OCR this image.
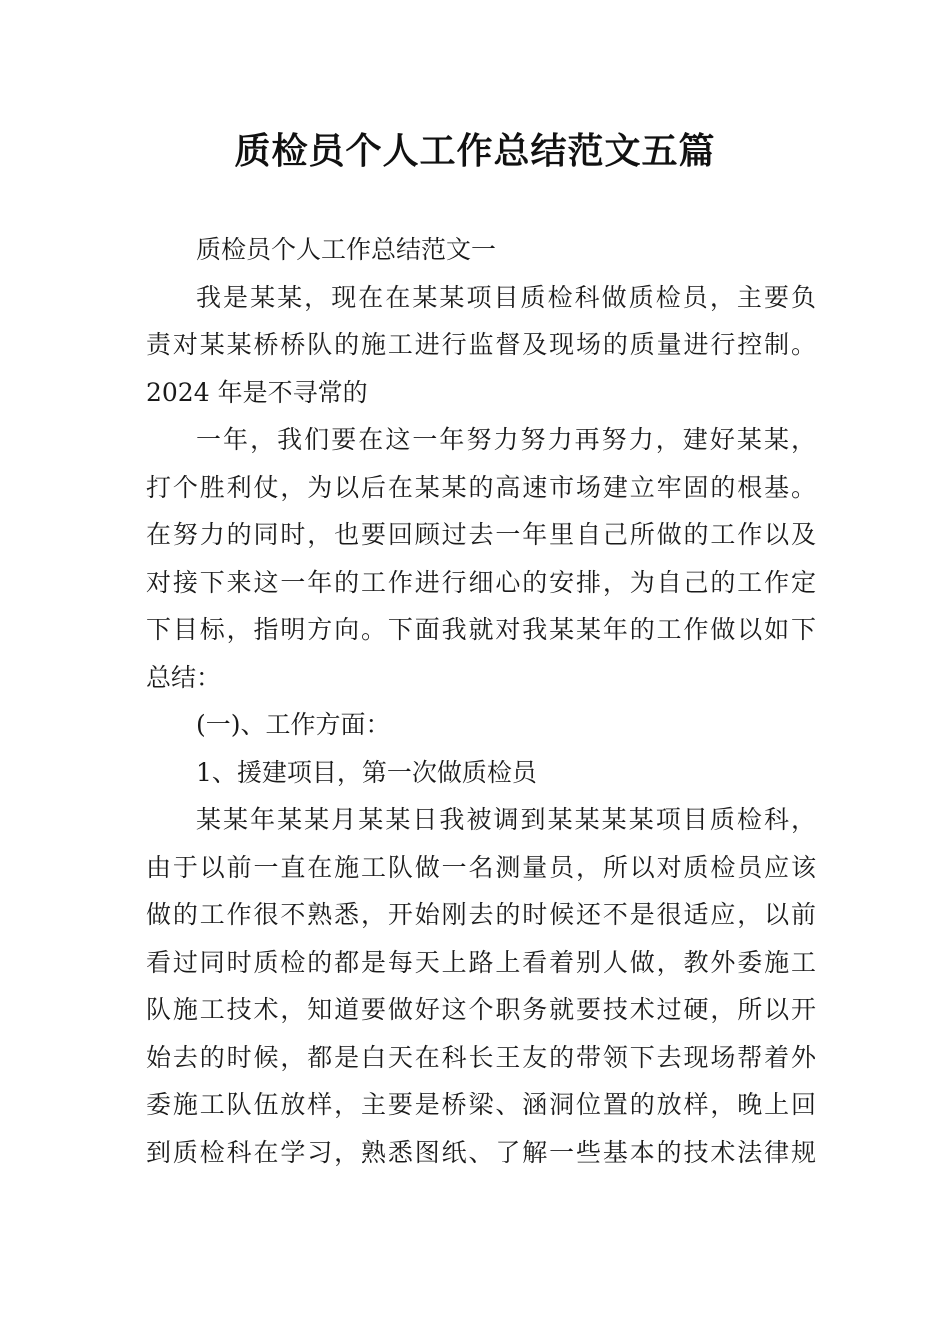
质检员个人工作总结范文五篇
质检员个人工作总结范文一
我是某某，现在在某某项目质检科做质检员，主要负
责对某某桥桥队的施工进行监督及现场的质量进行控制。
2024 年是不寻常的
一年，我们要在这一年努力努力再努力，建好某某，
打个胜利仗，为以后在某某的高速市场建立牢固的根基。
在努力的同时，也要回顾过去一年里自己所做的工作以及
对接下来这一年的工作进行细心的安排，为自己的工作定
下目标，指明方向。下面我就对我某某年的工作做以如下
总结：
(一)、工作方面：
1、援建项目，第一次做质检员
某某年某某月某某日我被调到某某某某项目质检科，
由于以前一直在施工队做一名测量员，所以对质检员应该
做的工作很不熟悉，开始刚去的时候还不是很适应，以前
看过同时质检的都是每天上路上看着别人做，教外委施工
队施工技术，知道要做好这个职务就要技术过硬，所以开
始去的时候，都是白天在科长王友的带领下去现场帮着外
委施工队伍放样，主要是桥梁、涵洞位置的放样，晚上回
到质检科在学习，熟悉图纸、了解一些基本的技术法律规
